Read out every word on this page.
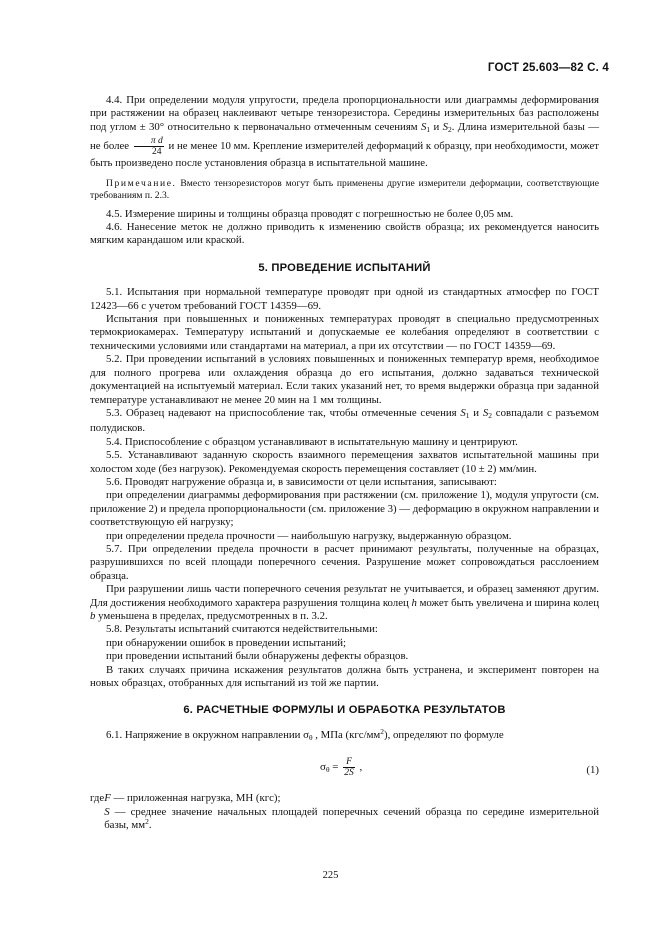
ГОСТ 25.603—82 С. 4

4.4. При определении модуля упругости, предела пропорциональности или диаграммы деформирования при растяжении на образец наклеивают четыре тензорезистора. Середины измерительных баз расположены под углом ± 30° относительно к первоначально отмеченным сечениям $S_1$ и $S_2$. Длина измерительной базы — не более $\frac{\text{π d}}{24}$ и не менее 10 мм. Крепление измерителей деформаций к образцу, при необходимости, может быть произведено после установления образца в испытательной машине.

Примечание. Вместо тензорезисторов могут быть применены другие измерители деформации, соответствующие требованиям п. 2.3.

4.5. Измерение ширины и толщины образца проводят с погрешностью не более 0,05 мм.

4.6. Нанесение меток не должно приводить к изменению свойств образца; их рекомендуется наносить мягким карандашом или краской.

5. ПРОВЕДЕНИЕ ИСПЫТАНИЙ

5.1. Испытания при нормальной температуре проводят при одной из стандартных атмосфер по ГОСТ 12423—66 с учетом требований ГОСТ 14359—69.

Испытания при повышенных и пониженных температурах проводят в специально предусмотренных термокриокамерах. Температуру испытаний и допускаемые ее колебания определяют в соответствии с техническими условиями или стандартами на материал, а при их отсутствии — по ГОСТ 14359—69.

5.2. При проведении испытаний в условиях повышенных и пониженных температур время, необходимое для полного прогрева или охлаждения образца до его испытания, должно задаваться технической документацией на испытуемый материал. Если таких указаний нет, то время выдержки образца при заданной температуре устанавливают не менее 20 мин на 1 мм толщины.

5.3. Образец надевают на приспособление так, чтобы отмеченные сечения $S_1$ и $S_2$ совпадали с разъемом полудисков.

5.4. Приспособление с образцом устанавливают в испытательную машину и центрируют.

5.5. Устанавливают заданную скорость взаимного перемещения захватов испытательной машины при холостом ходе (без нагрузок). Рекомендуемая скорость перемещения составляет (10 ± 2) мм/мин.

5.6. Проводят нагружение образца и, в зависимости от цели испытания, записывают:

при определении диаграммы деформирования при растяжении (см. приложение 1), модуля упругости (см. приложение 2) и предела пропорциональности (см. приложение 3) — деформацию в окружном направлении и соответствующую ей нагрузку;

при определении предела прочности — наибольшую нагрузку, выдержанную образцом.

5.7. При определении предела прочности в расчет принимают результаты, полученные на образцах, разрушившихся по всей площади поперечного сечения. Разрушение может сопровождаться расслоением образца.

При разрушении лишь части поперечного сечения результат не учитывается, и образец заменяют другим. Для достижения необходимого характера разрушения толщина колец h может быть увеличена и ширина колец b уменьшена в пределах, предусмотренных в п. 3.2.

5.8. Результаты испытаний считаются недействительными:

при обнаружении ошибок в проведении испытаний;

при проведении испытаний были обнаружены дефекты образцов.

В таких случаях причина искажения результатов должна быть устранена, и эксперимент повторен на новых образцах, отобранных для испытаний из той же партии.

6. РАСЧЕТНЫЕ ФОРМУЛЫ И ОБРАБОТКА РЕЗУЛЬТАТОВ

6.1. Напряжение в окружном направлении $\sigma_\theta$ , МПа $(кгс/мм^2)$, определяют по формуле

$\sigma_\theta = \frac{F}{2S}$ ,	(1)
где F — приложенная нагрузка, МН (кгс);
S — среднее значение начальных площадей поперечных сечений образца по середине измерительной базы, $мм^2$.
225
